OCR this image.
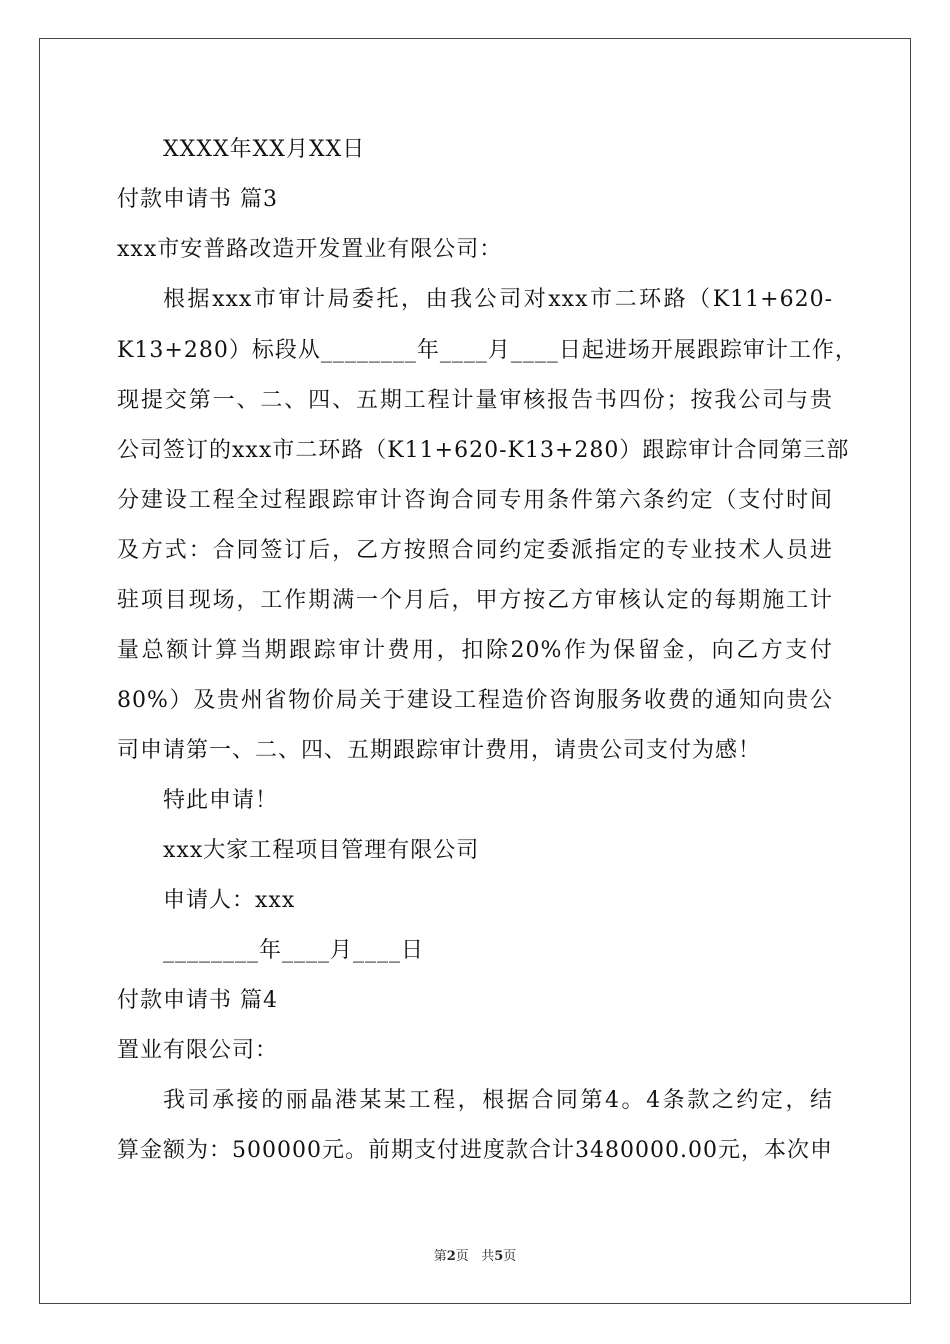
XXXX年XX月XX日
付款申请书 篇3
xxx市安普路改造开发置业有限公司：
根据xxx市审计局委托，由我公司对xxx市二环路（K11+620-
K13+280）标段从________年____月____日起进场开展跟踪审计工作，
现提交第一、二、四、五期工程计量审核报告书四份；按我公司与贵
公司签订的xxx市二环路（K11+620-K13+280）跟踪审计合同第三部
分建设工程全过程跟踪审计咨询合同专用条件第六条约定（支付时间
及方式：合同签订后，乙方按照合同约定委派指定的专业技术人员进
驻项目现场，工作期满一个月后，甲方按乙方审核认定的每期施工计
量总额计算当期跟踪审计费用，扣除20%作为保留金，向乙方支付
80%）及贵州省物价局关于建设工程造价咨询服务收费的通知向贵公
司申请第一、二、四、五期跟踪审计费用，请贵公司支付为感！
特此申请！
xxx大家工程项目管理有限公司
申请人：xxx
________年____月____日
付款申请书 篇4
置业有限公司：
我司承接的丽晶港某某工程，根据合同第4。4条款之约定，结
算金额为：500000元。前期支付进度款合计3480000.00元，本次申
第2页 共5页
